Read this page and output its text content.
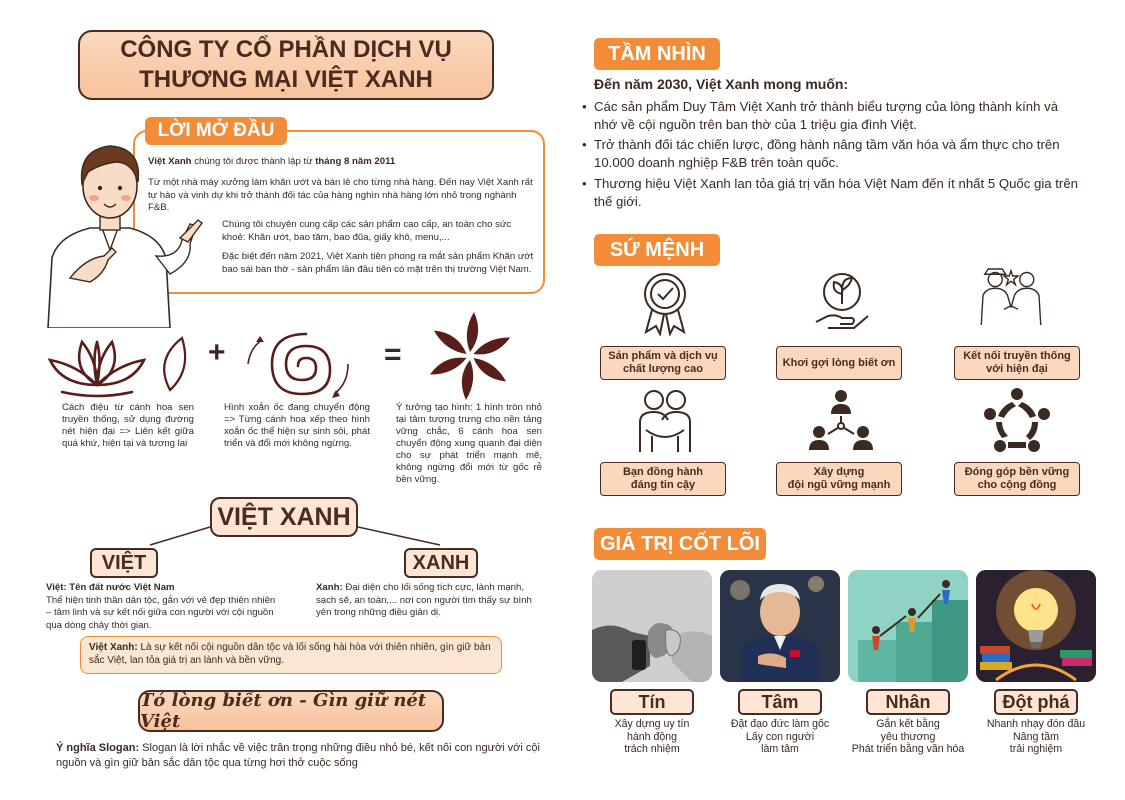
CÔNG TY CỔ PHẦN DỊCH VỤ
THƯƠNG MẠI VIỆT XANH
LỜI MỞ ĐẦU
Việt Xanh chúng tôi được thành lập từ tháng 8 năm 2011
Từ một nhà máy xưởng làm khăn ướt và bán lẻ cho từng nhà hàng. Đến nay Việt Xanh rất tự hào và vinh dự khi trở thành đối tác của hàng nghìn nhà hàng lớn nhỏ trong nghành F&B.
Chúng tôi chuyên cung cấp các sản phẩm cao cấp, an toàn cho sức khoẻ: Khăn ướt, bao tăm, bao đũa, giấy khô, menu,...
Đặc biệt đến năm 2021, Việt Xanh tiên phong ra mắt sản phẩm Khăn ướt bao sái ban thờ - sản phẩm lần đầu tiên có mặt trên thị trường Việt Nam.
+	=
Cách điệu từ cánh hoa sen truyền thống, sử dụng đường nét hiện đại => Liên kết giữa quá khứ, hiện tại và tương lai
Hình xoắn ốc đang chuyển động => Từng cánh hoa xếp theo hình xoắn ốc thể hiện sự sinh sôi, phát triển và đổi mới không ngừng.
Ý tưởng tạo hình: 1 hình tròn nhỏ tại tâm tượng trưng cho nền tảng vững chắc, 6 cánh hoa sen chuyển động xung quanh đại diện cho sự phát triển mạnh mẽ, không ngừng đổi mới từ gốc rễ bền vững.
VIỆT XANH
VIỆT	XANH
Việt: Tên đất nước Việt Nam
Thể hiện tinh thần dân tộc, gắn với vẻ đẹp thiên nhiên – tâm linh và sự kết nối giữa con người với cội nguồn qua dòng chảy thời gian.
Xanh: Đại diện cho lối sống tích cực, lành mạnh, sạch sẽ, an toàn,... nơi con người tìm thấy sự bình yên trong những điều giản dị.
Việt Xanh: Là sự kết nối cội nguồn dân tộc và lối sống hài hòa với thiên nhiên, gìn giữ bản sắc Việt, lan tỏa giá trị an lành và bền vững.
Tỏ lòng biết ơn - Gìn giữ nét Việt
Ý nghĩa Slogan: Slogan là lời nhắc về việc trân trọng những điều nhỏ bé, kết nối con người với cội nguồn và gìn giữ bản sắc dân tộc qua từng hơi thở cuộc sống
TẦM NHÌN
Đến năm 2030, Việt Xanh mong muốn:
• Các sản phẩm Duy Tâm Việt Xanh trở thành biểu tượng của lòng thành kính và nhớ về cội nguồn trên ban thờ của 1 triệu gia đình Việt.
• Trở thành đối tác chiến lược, đồng hành nâng tầm văn hóa và ẩm thực cho trên 10.000 doanh nghiệp F&B trên toàn quốc.
• Thương hiệu Việt Xanh lan tỏa giá trị văn hóa Việt Nam đến ít nhất 5 Quốc gia trên thế giới.
SỨ MỆNH
Sản phẩm và dịch vụ
chất lượng cao
Khơi gợi lòng biết ơn
Kết nối truyền thống
với hiện đại
Bạn đồng hành
đáng tin cậy
Xây dựng
đội ngũ vững mạnh
Đóng góp bền vững
cho cộng đồng
GIÁ TRỊ CỐT LÕI
Tín	Tâm	Nhân	Đột phá
Xây dựng uy tín
hành động
trách nhiệm
Đặt đạo đức làm gốc
Lấy con người
làm tâm
Gắn kết bằng
yêu thương
Phát triển bằng văn hóa
Nhanh nhạy đón đầu
Nâng tầm
trải nghiệm
